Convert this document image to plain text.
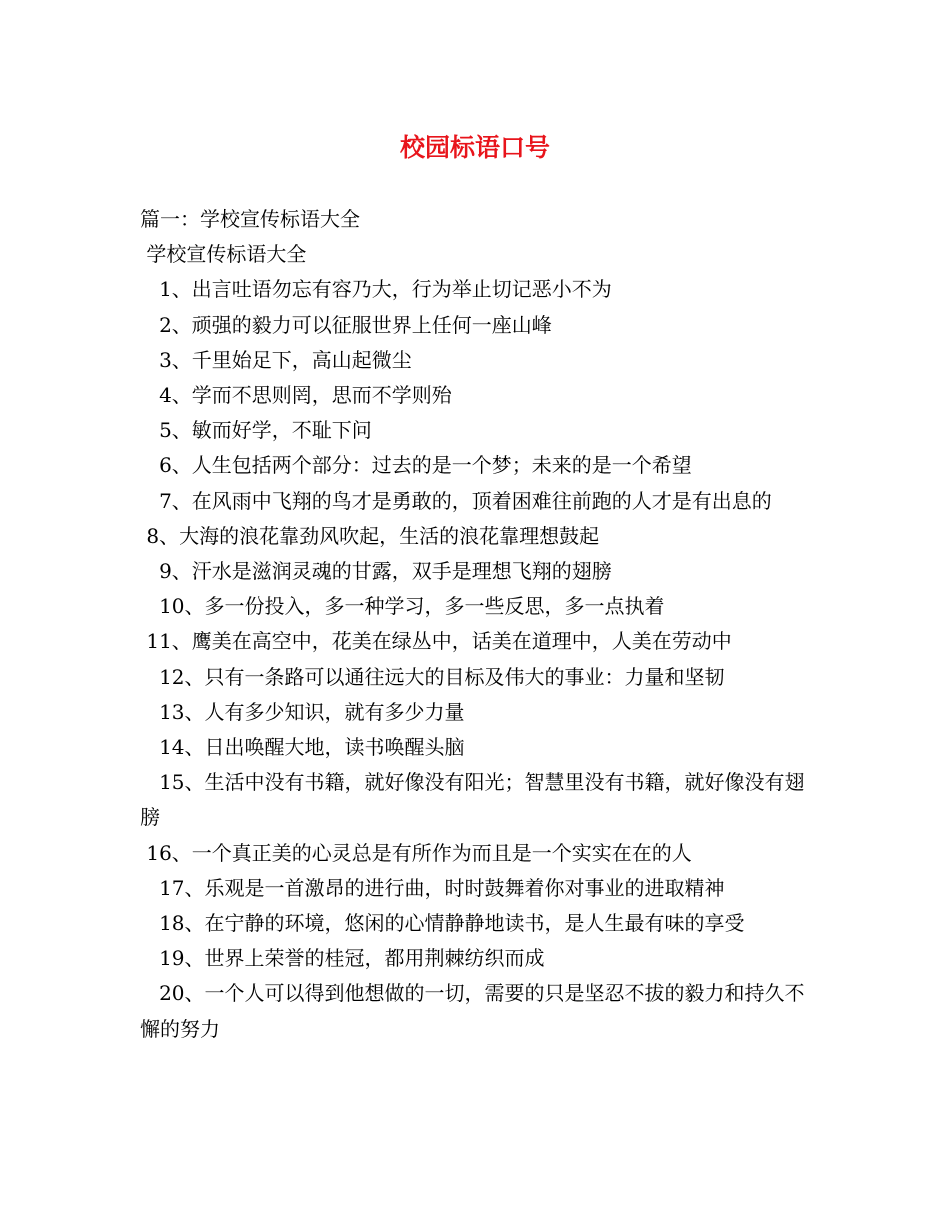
校园标语口号

篇一：学校宣传标语大全

学校宣传标语大全

1、出言吐语勿忘有容乃大，行为举止切记恶小不为

2、顽强的毅力可以征服世界上任何一座山峰

3、千里始足下，高山起微尘

4、学而不思则罔，思而不学则殆

5、敏而好学，不耻下问

6、人生包括两个部分：过去的是一个梦；未来的是一个希望

7、在风雨中飞翔的鸟才是勇敢的，顶着困难往前跑的人才是有出息的

8、大海的浪花靠劲风吹起，生活的浪花靠理想鼓起

9、汗水是滋润灵魂的甘露，双手是理想飞翔的翅膀

10、多一份投入，多一种学习，多一些反思，多一点执着

11、鹰美在高空中，花美在绿丛中，话美在道理中，人美在劳动中

12、只有一条路可以通往远大的目标及伟大的事业：力量和坚韧

13、人有多少知识，就有多少力量

14、日出唤醒大地，读书唤醒头脑

15、生活中没有书籍，就好像没有阳光；智慧里没有书籍，就好像没有翅膀

16、一个真正美的心灵总是有所作为而且是一个实实在在的人

17、乐观是一首激昂的进行曲，时时鼓舞着你对事业的进取精神

18、在宁静的环境，悠闲的心情静静地读书，是人生最有味的享受

19、世界上荣誉的桂冠，都用荆棘纺织而成

20、一个人可以得到他想做的一切，需要的只是坚忍不拔的毅力和持久不懈的努力
